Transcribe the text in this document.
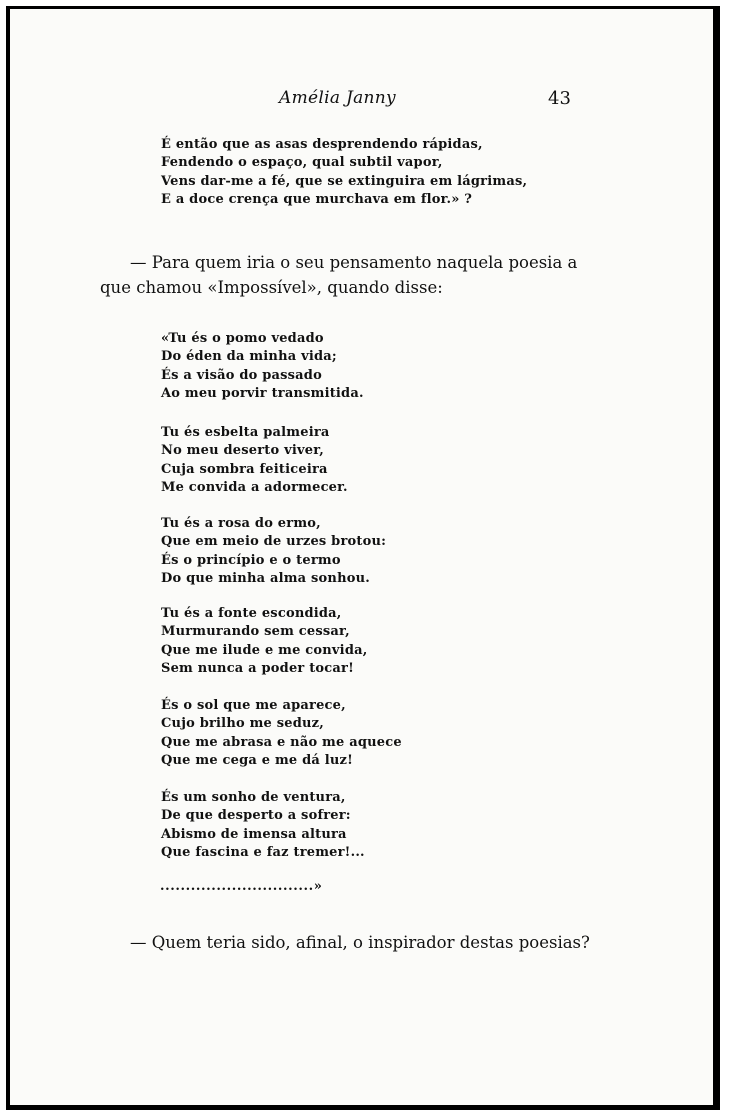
Amélia Janny	43
É então que as asas desprendendo rápidas,
Fendendo o espaço, qual subtil vapor,
Vens dar-me a fé, que se extinguira em lágrimas,
E a doce crença que murchava em flor.» ?
— Para quem iria o seu pensamento naquela poesia a
que chamou «Impossível», quando disse:
«Tu és o pomo vedado
Do éden da minha vida;
És a visão do passado
Ao meu porvir transmitida.
Tu és esbelta palmeira
No meu deserto viver,
Cuja sombra feiticeira
Me convida a adormecer.
Tu és a rosa do ermo,
Que em meio de urzes brotou:
És o princípio e o termo
Do que minha alma sonhou.
Tu és a fonte escondida,
Murmurando sem cessar,
Que me ilude e me convida,
Sem nunca a poder tocar!
És o sol que me aparece,
Cujo brilho me seduz,
Que me abrasa e não me aquece
Que me cega e me dá luz!
És um sonho de ventura,
De que desperto a sofrer:
Abismo de imensa altura
Que fascina e faz tremer!...
..............................»
— Quem teria sido, afinal, o inspirador destas poesias?
